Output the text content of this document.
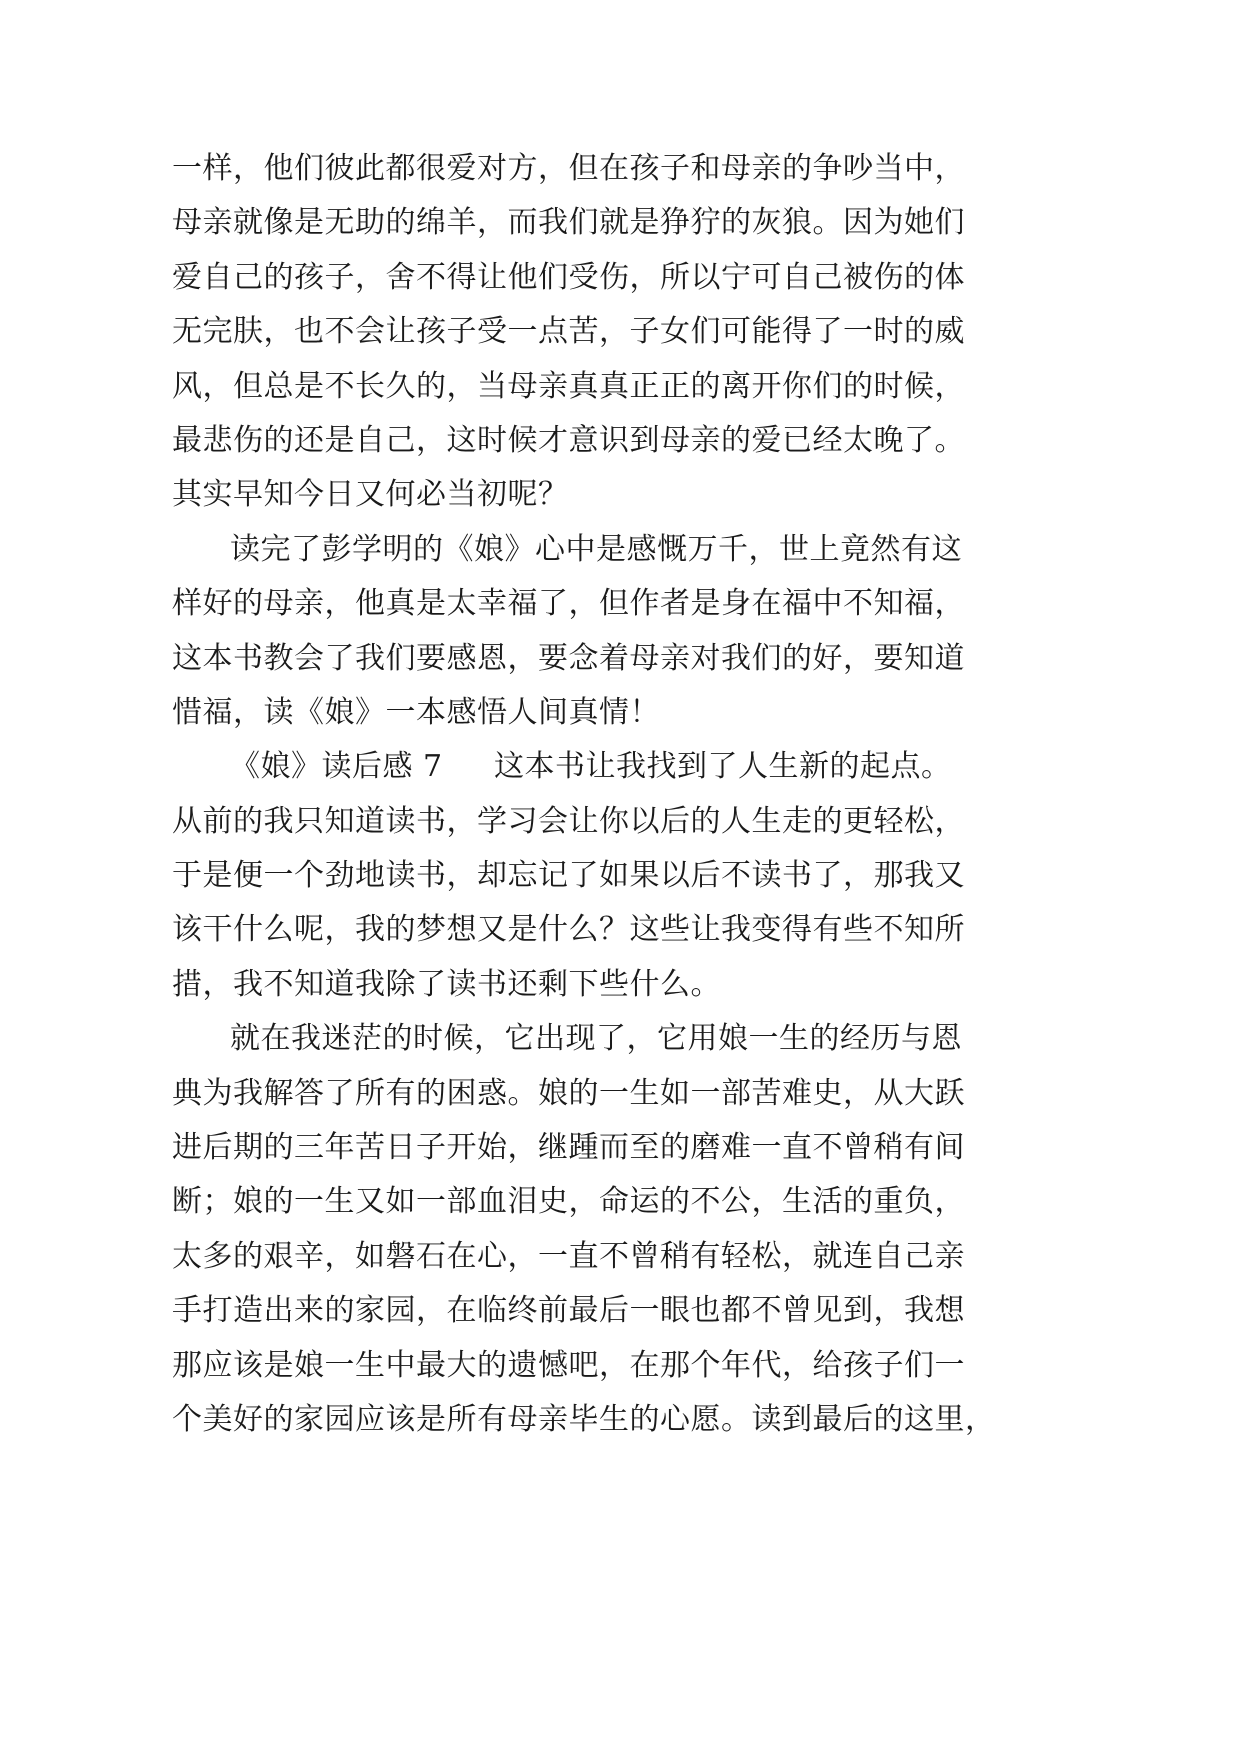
一样，他们彼此都很爱对方，但在孩子和母亲的争吵当中，
母亲就像是无助的绵羊，而我们就是狰狞的灰狼。因为她们
爱自己的孩子，舍不得让他们受伤，所以宁可自己被伤的体
无完肤，也不会让孩子受一点苦，子女们可能得了一时的威
风，但总是不长久的，当母亲真真正正的离开你们的时候，
最悲伤的还是自己，这时候才意识到母亲的爱已经太晚了。
其实早知今日又何必当初呢？
读完了彭学明的《娘》心中是感慨万千，世上竟然有这
样好的母亲，他真是太幸福了，但作者是身在福中不知福，
这本书教会了我们要感恩，要念着母亲对我们的好，要知道
惜福，读《娘》一本感悟人间真情！
《娘》读后感 7 这本书让我找到了人生新的起点。
从前的我只知道读书，学习会让你以后的人生走的更轻松，
于是便一个劲地读书，却忘记了如果以后不读书了，那我又
该干什么呢，我的梦想又是什么？这些让我变得有些不知所
措，我不知道我除了读书还剩下些什么。
就在我迷茫的时候，它出现了，它用娘一生的经历与恩
典为我解答了所有的困惑。娘的一生如一部苦难史，从大跃
进后期的三年苦日子开始，继踵而至的磨难一直不曾稍有间
断；娘的一生又如一部血泪史，命运的不公，生活的重负，
太多的艰辛，如磐石在心，一直不曾稍有轻松，就连自己亲
手打造出来的家园，在临终前最后一眼也都不曾见到，我想
那应该是娘一生中最大的遗憾吧，在那个年代，给孩子们一
个美好的家园应该是所有母亲毕生的心愿。读到最后的这里，
